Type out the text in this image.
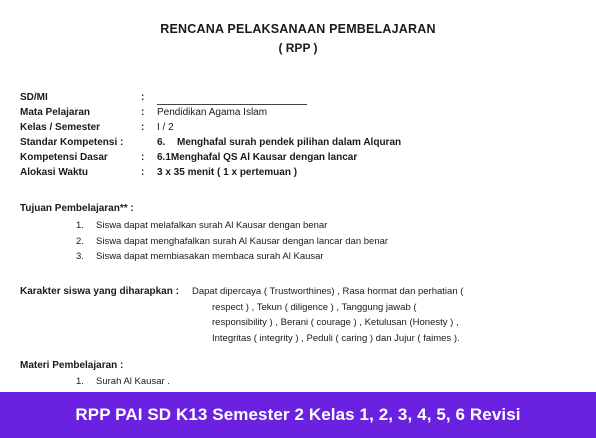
RENCANA PELAKSANAAN PEMBELAJARAN
( RPP )
SD/MI	:
Mata Pelajaran	:	Pendidikan Agama Islam
Kelas / Semester	:	I / 2
Standar Kompetensi :	6.	Menghafal surah pendek pilihan dalam Alquran
Kompetensi Dasar	:	6.1Menghafal QS Al Kausar dengan lancar
Alokasi Waktu	:	3 x 35 menit ( 1 x pertemuan )
Tujuan Pembelajaran** :
1.	Siswa dapat melafalkan surah Al Kausar dengan benar
2.	Siswa dapat menghafalkan surah Al Kausar dengan lancar dan benar
3.	Siswa dapat membiasakan membaca surah Al Kausar
Karakter siswa yang diharapkan :	Dapat dipercaya ( Trustworthines) , Rasa hormat dan perhatian (
respect ) , Tekun ( diligence ) , Tanggung jawab (
responsibility ) , Berani ( courage ) , Ketulusan (Honesty ) ,
Integritas ( integrity ) , Peduli ( caring ) dan Jujur ( faimes ).
Materi Pembelajaran :
1.	Surah Al Kausar .
RPP PAI SD K13 Semester 2 Kelas 1, 2, 3, 4, 5, 6 Revisi
